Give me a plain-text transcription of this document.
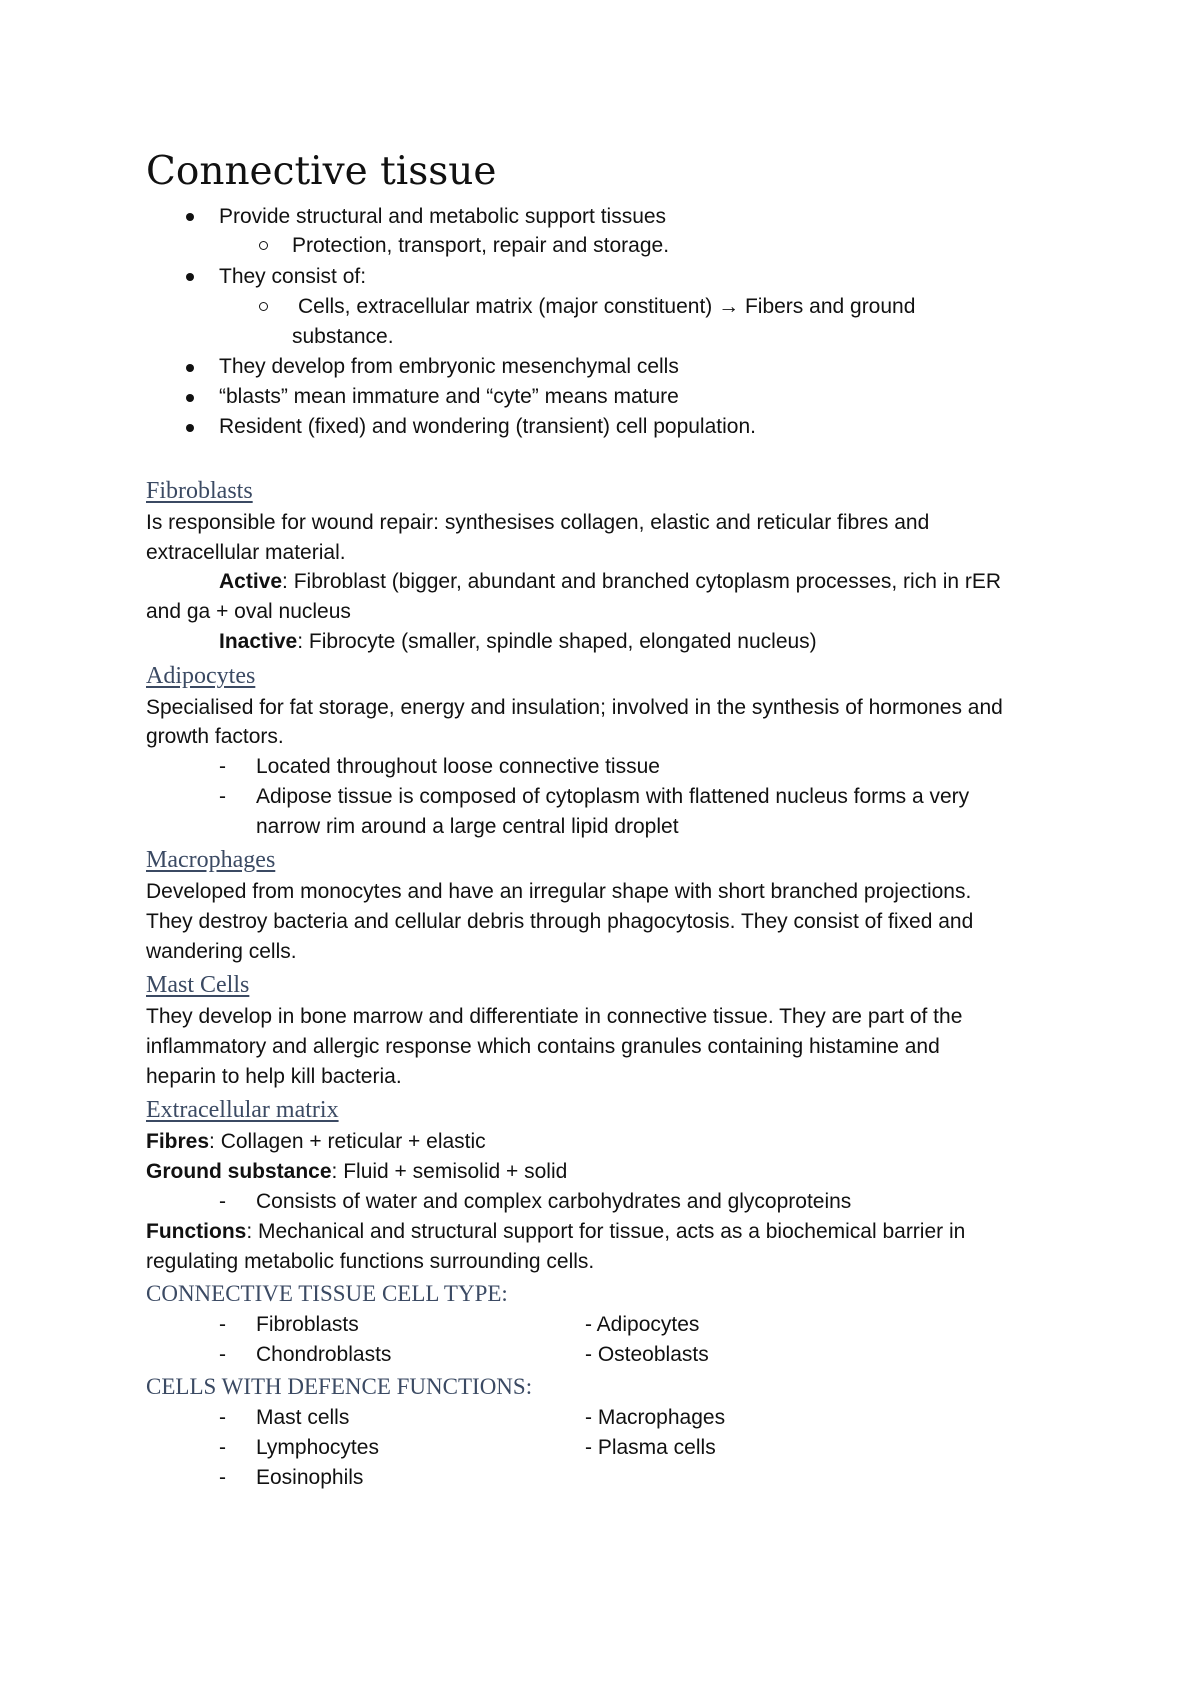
Connective tissue
Provide structural and metabolic support tissues
Protection, transport, repair and storage.
They consist of:
Cells, extracellular matrix (major constituent) → Fibers and ground
substance.
They develop from embryonic mesenchymal cells
“blasts” mean immature and “cyte” means mature
Resident (fixed) and wondering (transient) cell population.
Fibroblasts
Is responsible for wound repair: synthesises collagen, elastic and reticular fibres and
extracellular material.
Active: Fibroblast (bigger, abundant and branched cytoplasm processes, rich in rER
and ga + oval nucleus
Inactive: Fibrocyte (smaller, spindle shaped, elongated nucleus)
Adipocytes
Specialised for fat storage, energy and insulation; involved in the synthesis of hormones and
growth factors.
- Located throughout loose connective tissue
- Adipose tissue is composed of cytoplasm with flattened nucleus forms a very
narrow rim around a large central lipid droplet
Macrophages
Developed from monocytes and have an irregular shape with short branched projections.
They destroy bacteria and cellular debris through phagocytosis. They consist of fixed and
wandering cells.
Mast Cells
They develop in bone marrow and differentiate in connective tissue. They are part of the
inflammatory and allergic response which contains granules containing histamine and
heparin to help kill bacteria.
Extracellular matrix
Fibres: Collagen + reticular + elastic
Ground substance: Fluid + semisolid + solid
- Consists of water and complex carbohydrates and glycoproteins
Functions: Mechanical and structural support for tissue, acts as a biochemical barrier in
regulating metabolic functions surrounding cells.
CONNECTIVE TISSUE CELL TYPE:
- Fibroblasts	- Adipocytes
- Chondroblasts	- Osteoblasts
CELLS WITH DEFENCE FUNCTIONS:
- Mast cells	- Macrophages
- Lymphocytes	- Plasma cells
- Eosinophils
